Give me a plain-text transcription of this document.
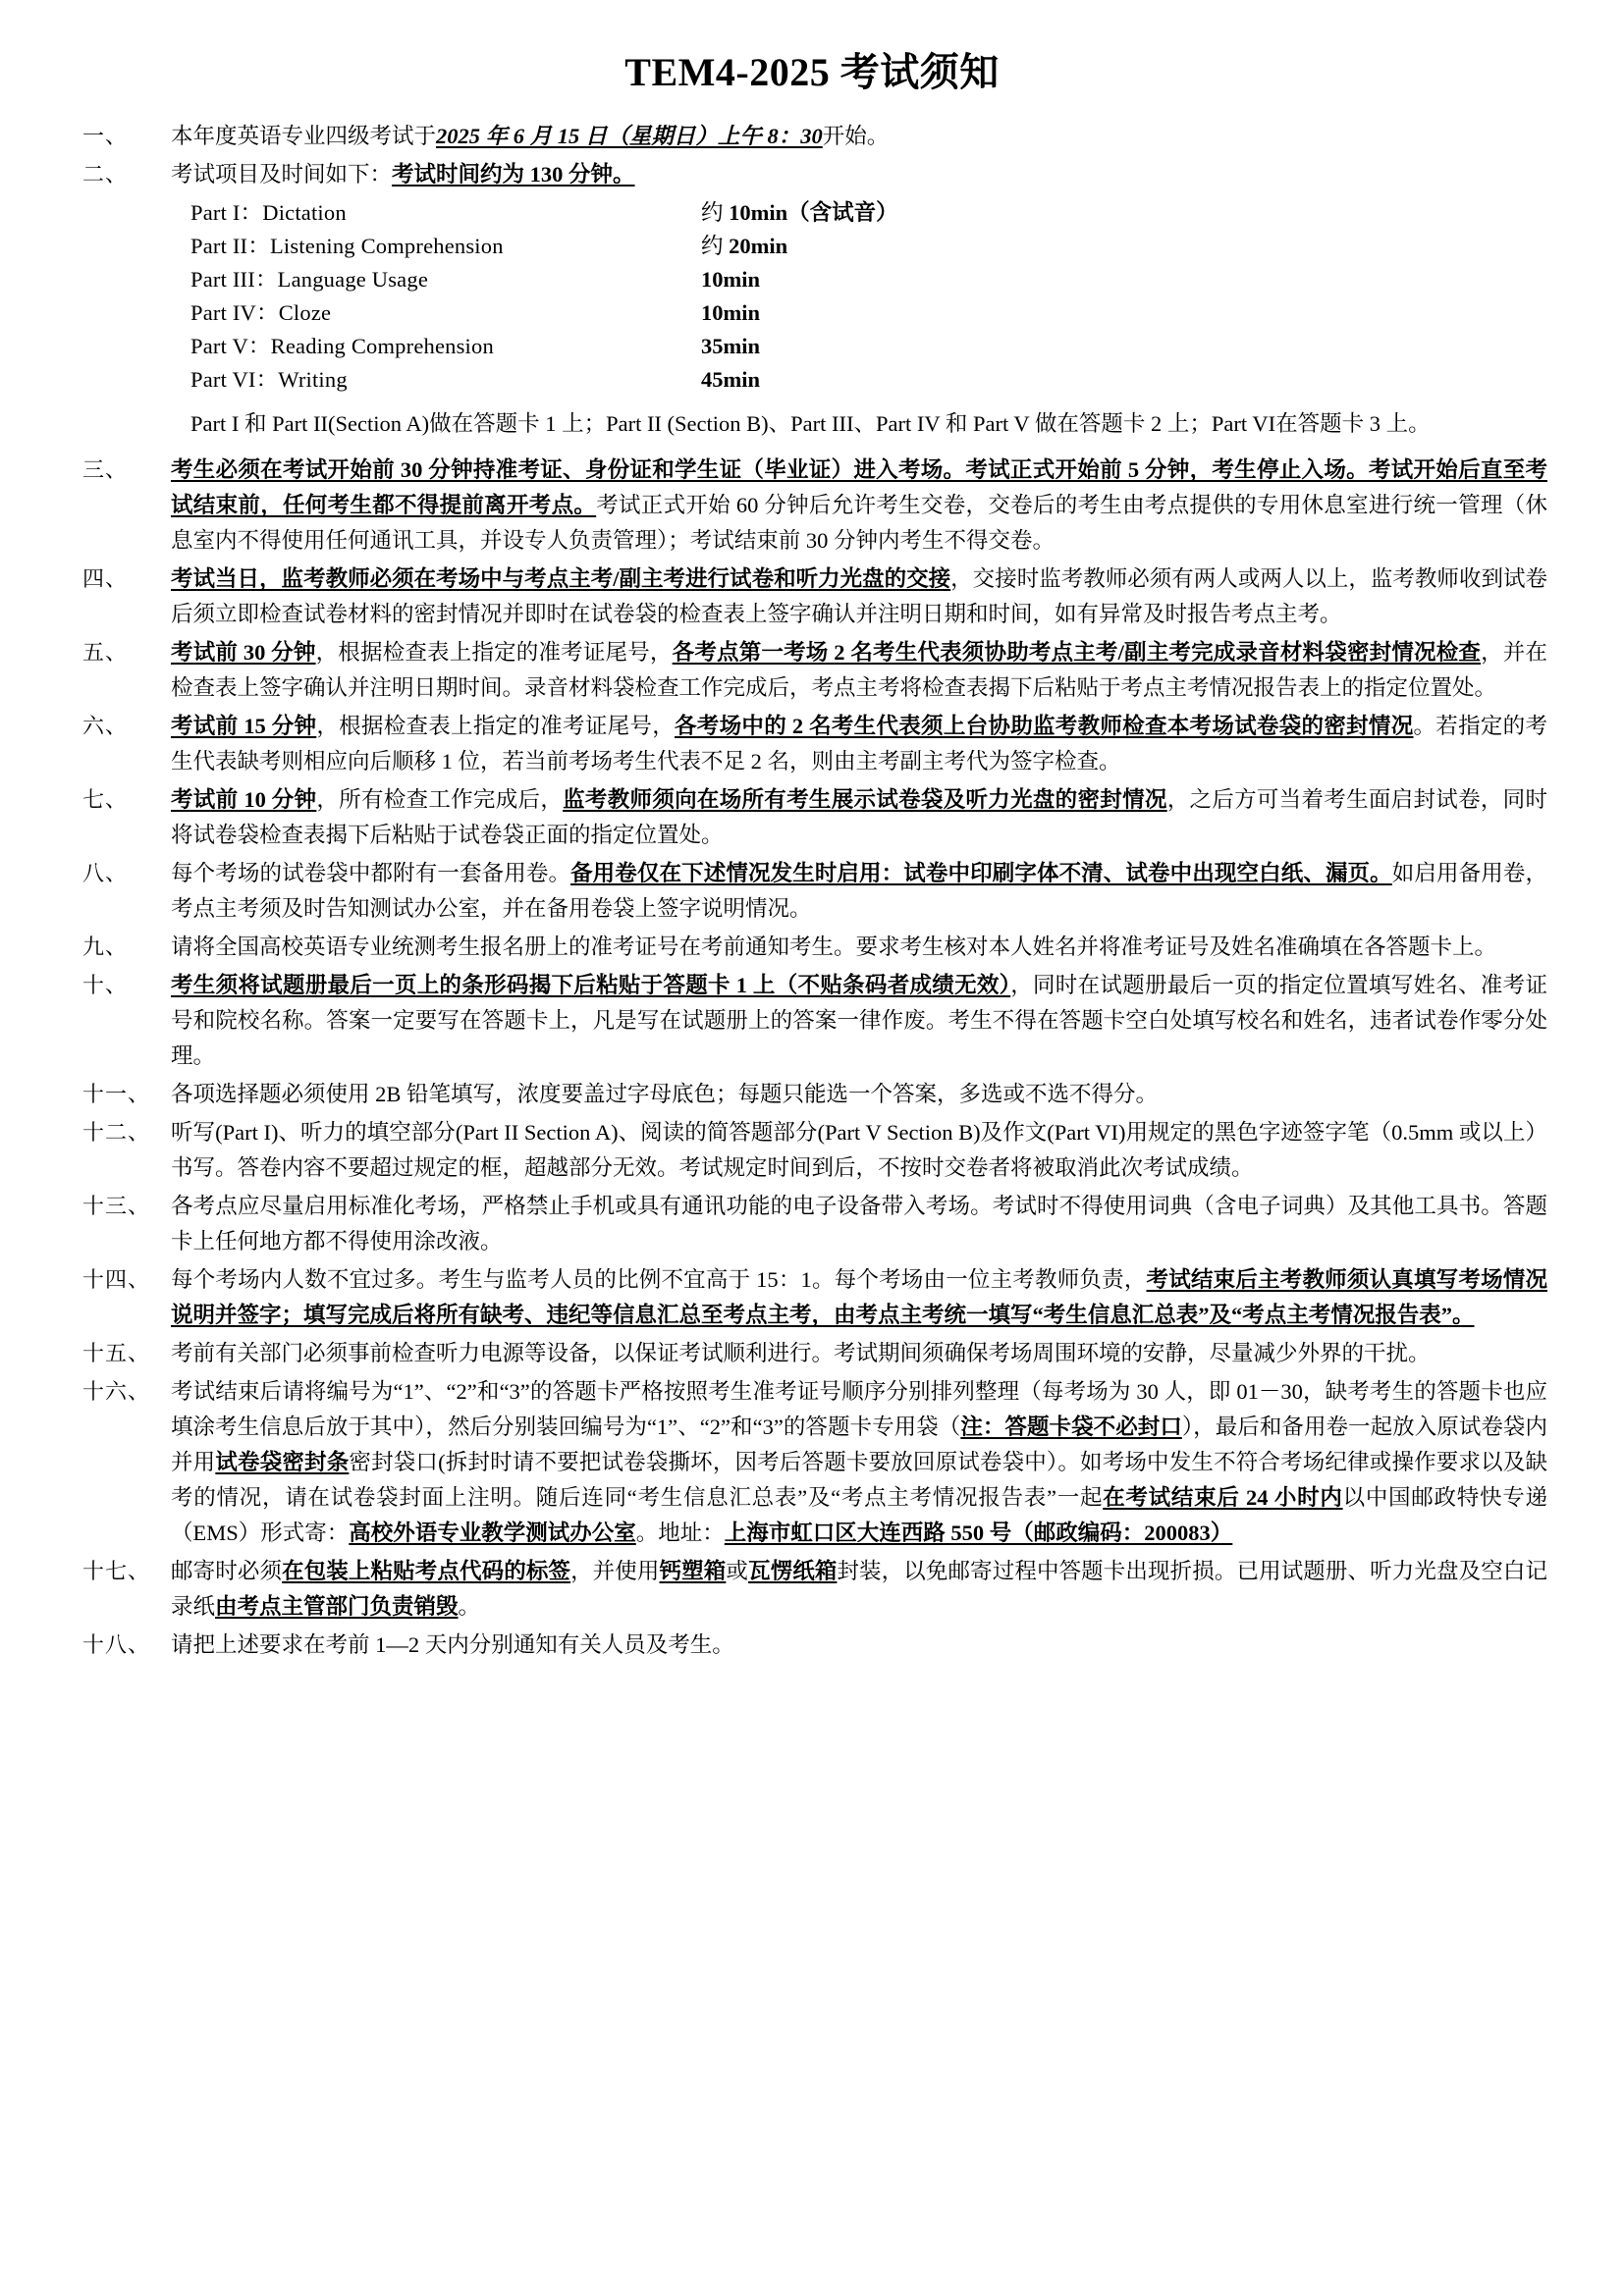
TEM4-2025 考试须知
一、	本年度英语专业四级考试于2025 年 6 月 15 日（星期日）上午 8：30开始。
二、	考试项目及时间如下：考试时间约为 130 分钟。
Part I：Dictation	约 10min（含试音）
Part II：Listening Comprehension	约 20min
Part III：Language Usage	10min
Part IV：Cloze	10min
Part V：Reading Comprehension	35min
Part VI：Writing	45min
Part I 和 Part II(Section A)做在答题卡 1 上；Part II (Section B)、Part III、Part IV 和 Part V 做在答题卡 2 上；Part VI在答题卡 3 上。
三、	考生必须在考试开始前 30 分钟持准考证、身份证和学生证（毕业证）进入考场。考试正式开始前 5 分钟，考生停止入场。考试开始后直至考试结束前，任何考生都不得提前离开考点。考试正式开始 60 分钟后允许考生交卷，交卷后的考生由考点提供的专用休息室进行统一管理（休息室内不得使用任何通讯工具，并设专人负责管理）；考试结束前 30 分钟内考生不得交卷。
四、	考试当日，监考教师必须在考场中与考点主考/副主考进行试卷和听力光盘的交接，交接时监考教师必须有两人或两人以上，监考教师收到试卷后须立即检查试卷材料的密封情况并即时在试卷袋的检查表上签字确认并注明日期和时间，如有异常及时报告考点主考。
五、	考试前 30 分钟，根据检查表上指定的准考证尾号，各考点第一考场 2 名考生代表须协助考点主考/副主考完成录音材料袋密封情况检查，并在检查表上签字确认并注明日期时间。录音材料袋检查工作完成后，考点主考将检查表揭下后粘贴于考点主考情况报告表上的指定位置处。
六、	考试前 15 分钟，根据检查表上指定的准考证尾号，各考场中的 2 名考生代表须上台协助监考教师检查本考场试卷袋的密封情况。若指定的考生代表缺考则相应向后顺移 1 位，若当前考场考生代表不足 2 名，则由主考副主考代为签字检查。
七、	考试前 10 分钟，所有检查工作完成后，监考教师须向在场所有考生展示试卷袋及听力光盘的密封情况，之后方可当着考生面启封试卷，同时将试卷袋检查表揭下后粘贴于试卷袋正面的指定位置处。
八、	每个考场的试卷袋中都附有一套备用卷。备用卷仅在下述情况发生时启用：试卷中印刷字体不清、试卷中出现空白纸、漏页。如启用备用卷，考点主考须及时告知测试办公室，并在备用卷袋上签字说明情况。
九、	请将全国高校英语专业统测考生报名册上的准考证号在考前通知考生。要求考生核对本人姓名并将准考证号及姓名准确填在各答题卡上。
十、	考生须将试题册最后一页上的条形码揭下后粘贴于答题卡 1 上（不贴条码者成绩无效），同时在试题册最后一页的指定位置填写姓名、准考证号和院校名称。答案一定要写在答题卡上，凡是写在试题册上的答案一律作废。考生不得在答题卡空白处填写校名和姓名，违者试卷作零分处理。
十一、 各项选择题必须使用 2B 铅笔填写，浓度要盖过字母底色；每题只能选一个答案，多选或不选不得分。
十二、 听写(Part I)、听力的填空部分(Part II Section A)、阅读的简答题部分(Part V Section B)及作文(Part VI)用规定的黑色字迹签字笔（0.5mm 或以上）书写。答卷内容不要超过规定的框，超越部分无效。考试规定时间到后，不按时交卷者将被取消此次考试成绩。
十三、 各考点应尽量启用标准化考场，严格禁止手机或具有通讯功能的电子设备带入考场。考试时不得使用词典（含电子词典）及其他工具书。答题卡上任何地方都不得使用涂改液。
十四、 每个考场内人数不宜过多。考生与监考人员的比例不宜高于 15：1。每个考场由一位主考教师负责，考试结束后主考教师须认真填写考场情况说明并签字；填写完成后将所有缺考、违纪等信息汇总至考点主考，由考点主考统一填写“考生信息汇总表”及“考点主考情况报告表”。
十五、 考前有关部门必须事前检查听力电源等设备，以保证考试顺利进行。考试期间须确保考场周围环境的安静，尽量减少外界的干扰。
十六、 考试结束后请将编号为“1”、“2”和“3”的答题卡严格按照考生准考证号顺序分别排列整理（每考场为 30 人，即 01－30，缺考考生的答题卡也应填涂考生信息后放于其中），然后分别装回编号为“1”、“2”和“3”的答题卡专用袋（注：答题卡袋不必封口），最后和备用卷一起放入原试卷袋内并用试卷袋密封条密封袋口(拆封时请不要把试卷袋撕坏，因考后答题卡要放回原试卷袋中）。如考场中发生不符合考场纪律或操作要求以及缺考的情况，请在试卷袋封面上注明。随后连同“考生信息汇总表”及“考点主考情况报告表”一起在考试结束后 24 小时内以中国邮政特快专递（EMS）形式寄：高校外语专业教学测试办公室。地址：上海市虹口区大连西路 550 号（邮政编码：200083）
十七、 邮寄时必须在包装上粘贴考点代码的标签，并使用钙塑箱或瓦愣纸箱封装，以免邮寄过程中答题卡出现折损。已用试题册、听力光盘及空白记录纸由考点主管部门负责销毁。
十八、 请把上述要求在考前 1—2 天内分别通知有关人员及考生。
